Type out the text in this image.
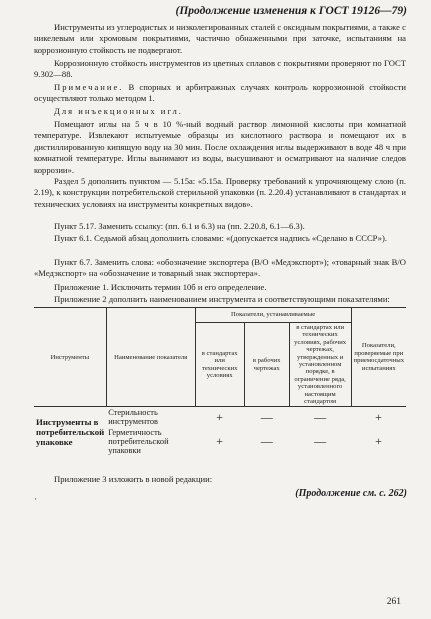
(Продолжение изменения к ГОСТ 19126—79)
Инструменты из углеродистых и низколегированных сталей с оксидным покрытиями, а также с никелевым или хромовым покрытиями, частично обнаженными при заточке, испытаниям на коррозионную стойкость не подвергают.
Коррозионную стойкость инструментов из цветных сплавов с покрытиями проверяют по ГОСТ 9.302—88.
Примечание. В спорных и арбитражных случаях контроль коррозионной стойкости осуществляют только методом 1.
Для инъекционных игл.
Помещают иглы на 5 ч в 10 %-ный водный раствор лимонной кислоты при комнатной температуре. Извлекают испытуемые образцы из кислотного раствора и помещают их в дистиллированную кипящую воду на 30 мин. После охлаждения иглы выдерживают в воде 48 ч при комнатной температуре. Иглы вынимают из воды, высушивают и осматривают на наличие следов коррозии».
Раздел 5 дополнить пунктом — 5.15а: «5.15а. Проверку требований к упрочняющему слою (п. 2.19), к конструкции потребительской стерильной упаковки (п. 2.20.4) устанавливают в стандартах и технических условиях на инструменты конкретных видов».
Пункт 5.17. Заменить ссылку: (пп. 6.1 и 6.3) на (пп. 2.20.8, 6.1—6.3).
Пункт 6.1. Седьмой абзац дополнить словами: «(допускается надпись «Сделано в СССР»).
Пункт 6.7. Заменить слова: «обозначение экспортера (В/О «Медэкспорт»); «товарный знак В/О «Медэкспорт» на «обозначение и товарный знак экспортера».
Приложение 1. Исключить термин 10б и его определение.
Приложение 2 дополнить наименованием инструмента и соответствующими показателями:
Инструменты	Наименование показателя	Показатели, устанавливаемые			Показатели, проверяемые при приемосдаточных испытаниях
		в стандартах или технических условиях	в рабочих чертежах	в стандартах или технических условиях, рабочих чертежах, утвержденных и установленном порядке, в ограничение ряда, установленного настоящим стандартом	
Инструменты в потребительской упаковке	Стерильность инструментов	+	—	—	+
	Герметичность потребительской упаковки	+	—	—	+
Приложение 3 изложить в новой редакции:
(Продолжение см. с. 262)
·
261
